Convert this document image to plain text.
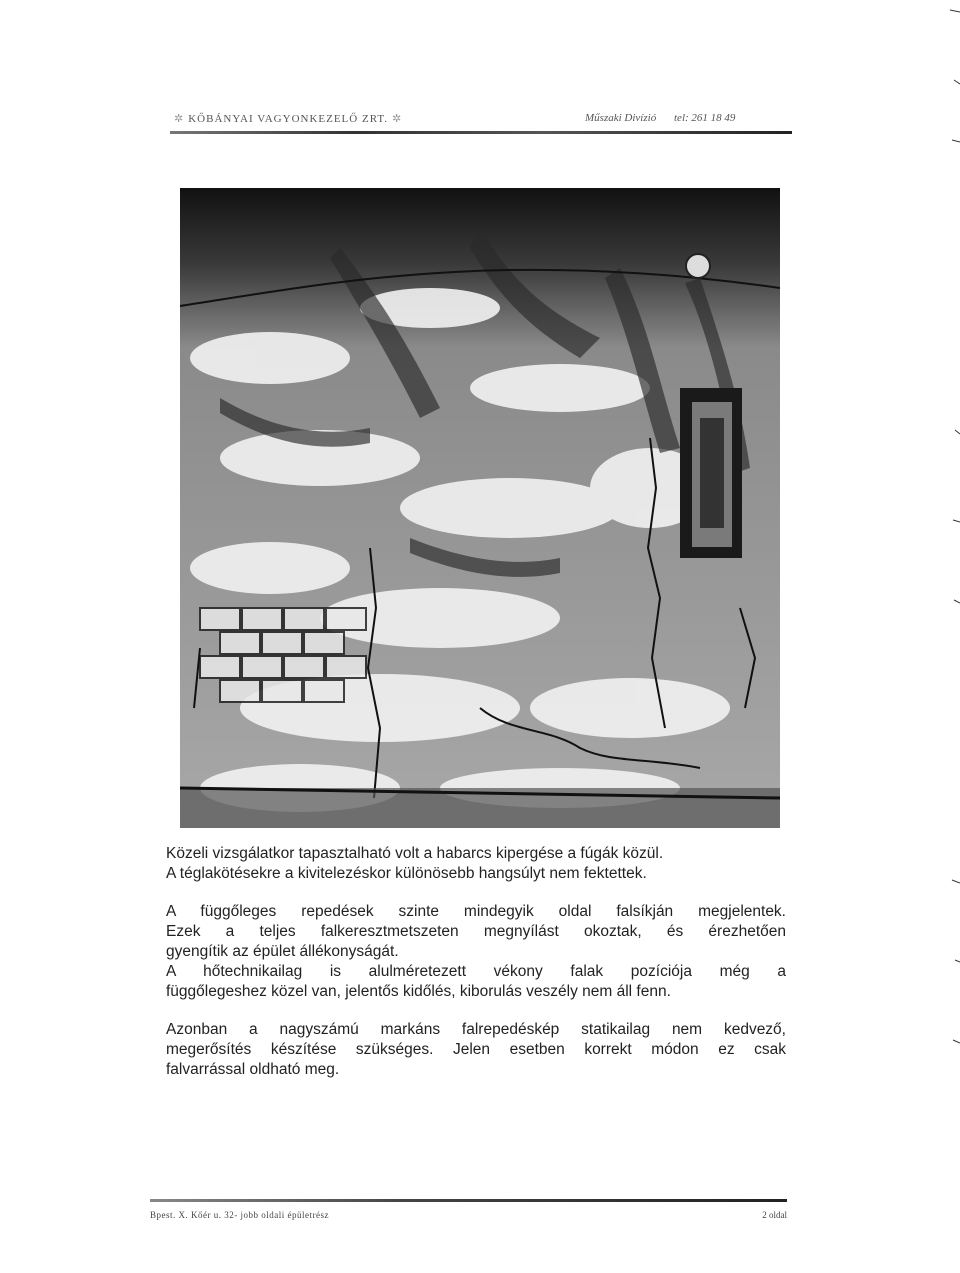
✲ KŐBÁNYAI VAGYONKEZELŐ ZRT. ✲	Műszaki Divízió tel: 261 18 49

Közeli vizsgálatkor tapasztalható volt a habarcs kipergése a fúgák közül.
A téglakötésekre a kivitelezéskor különösebb hangsúlyt nem fektettek.

A függőleges repedések szinte mindegyik oldal falsíkján megjelentek.
Ezek a teljes falkeresztmetszeten megnyílást okoztak, és érezhetően
gyengítik az épület állékonyságát.
A hőtechnikailag is alulméretezett vékony falak pozíciója még a
függőlegeshez közel van, jelentős kidőlés, kiborulás veszély nem áll fenn.

Azonban a nagyszámú markáns falrepedéskép statikailag nem kedvező,
megerősítés készítése szükséges. Jelen esetben korrekt módon ez csak
falvarrással oldható meg.

Bpest. X. Kőér u. 32- jobb oldali épületrész	2 oldal
